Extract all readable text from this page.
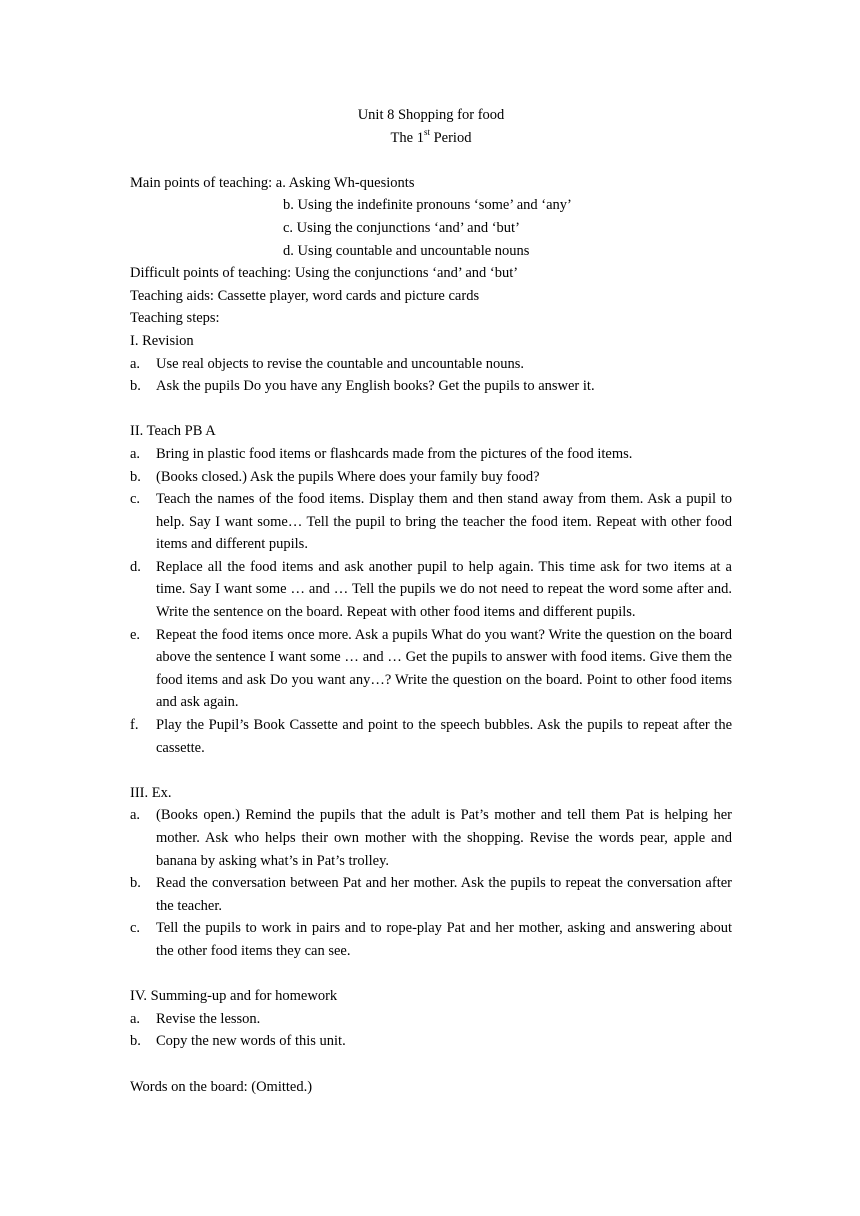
Unit 8 Shopping for food
The 1st Period
Main points of teaching: a. Asking Wh-quesionts
b. Using the indefinite pronouns ‘some’ and ‘any’
c. Using the conjunctions ‘and’ and ‘but’
d. Using countable and uncountable nouns
Difficult points of teaching: Using the conjunctions ‘and’ and ‘but’
Teaching aids: Cassette player, word cards and picture cards
Teaching steps:
I. Revision
a. Use real objects to revise the countable and uncountable nouns.
b. Ask the pupils Do you have any English books? Get the pupils to answer it.
II. Teach PB A
a. Bring in plastic food items or flashcards made from the pictures of the food items.
b. (Books closed.) Ask the pupils Where does your family buy food?
c. Teach the names of the food items. Display them and then stand away from them. Ask a pupil to help. Say I want some… Tell the pupil to bring the teacher the food item. Repeat with other food items and different pupils.
d. Replace all the food items and ask another pupil to help again. This time ask for two items at a time. Say I want some … and … Tell the pupils we do not need to repeat the word some after and. Write the sentence on the board. Repeat with other food items and different pupils.
e. Repeat the food items once more. Ask a pupils What do you want? Write the question on the board above the sentence I want some … and … Get the pupils to answer with food items. Give them the food items and ask Do you want any…? Write the question on the board. Point to other food items and ask again.
f. Play the Pupil’s Book Cassette and point to the speech bubbles. Ask the pupils to repeat after the cassette.
III. Ex.
a. (Books open.) Remind the pupils that the adult is Pat’s mother and tell them Pat is helping her mother. Ask who helps their own mother with the shopping. Revise the words pear, apple and banana by asking what’s in Pat’s trolley.
b. Read the conversation between Pat and her mother. Ask the pupils to repeat the conversation after the teacher.
c. Tell the pupils to work in pairs and to rope-play Pat and her mother, asking and answering about the other food items they can see.
IV. Summing-up and for homework
a. Revise the lesson.
b. Copy the new words of this unit.
Words on the board: (Omitted.)
